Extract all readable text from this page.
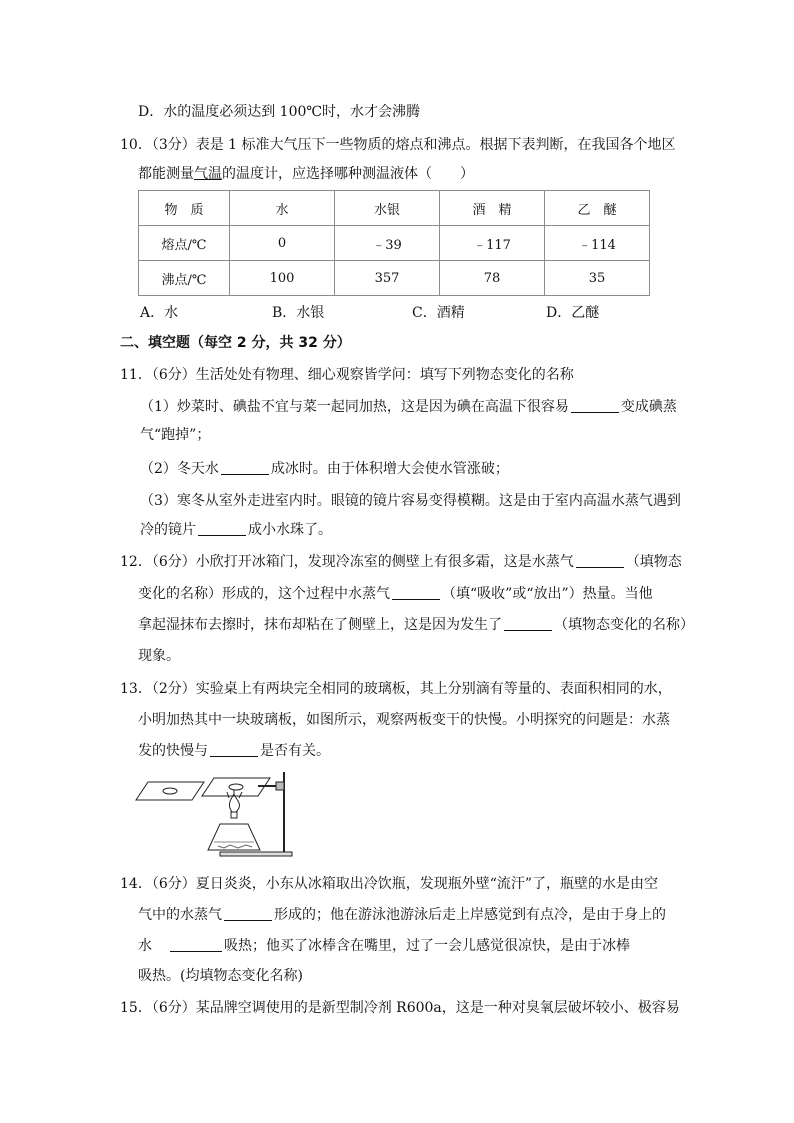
D．水的温度必须达到 100℃时，水才会沸腾
10．（3分）表是 1 标准大气压下一些物质的熔点和沸点。根据下表判断，在我国各个地区
都能测量气温的温度计，应选择哪种测温液体（　　）
物　质	水	水银	酒　精	乙　醚
熔点/℃	0	﹣39	﹣117	﹣114
沸点/℃	100	357	78	35
A．水	B．水银	C．酒精	D．乙醚
二、填空题（每空 2 分，共 32 分）
11．（6分）生活处处有物理、细心观察皆学问：填写下列物态变化的名称
（1）炒菜时、碘盐不宜与菜一起同加热，这是因为碘在高温下很容易	变成碘蒸
气“跑掉”；
（2）冬天水	成冰时。由于体积增大会使水管涨破；
（3）寒冬从室外走进室内时。眼镜的镜片容易变得模糊。这是由于室内高温水蒸气遇到
冷的镜片	成小水珠了。
12．（6分）小欣打开冰箱门，发现冷冻室的侧壁上有很多霜，这是水蒸气	（填物态
变化的名称）形成的，这个过程中水蒸气	（填“吸收”或“放出”）热量。当他
拿起湿抹布去擦时，抹布却粘在了侧壁上，这是因为发生了	（填物态变化的名称）
现象。
13．（2分）实验桌上有两块完全相同的玻璃板，其上分别滴有等量的、表面积相同的水，
小明加热其中一块玻璃板，如图所示，观察两板变干的快慢。小明探究的问题是：水蒸
发的快慢与	是否有关。
14．（6分）夏日炎炎，小东从冰箱取出冷饮瓶，发现瓶外壁“流汗”了，瓶壁的水是由空
气中的水蒸气	形成的；他在游泳池游泳后走上岸感觉到有点冷，是由于身上的
水	吸热；他买了冰棒含在嘴里，过了一会儿感觉很凉快，是由于冰棒
吸热。(均填物态变化名称)
15．（6分）某品牌空调使用的是新型制冷剂 R600a，这是一种对臭氧层破坏较小、极容易
